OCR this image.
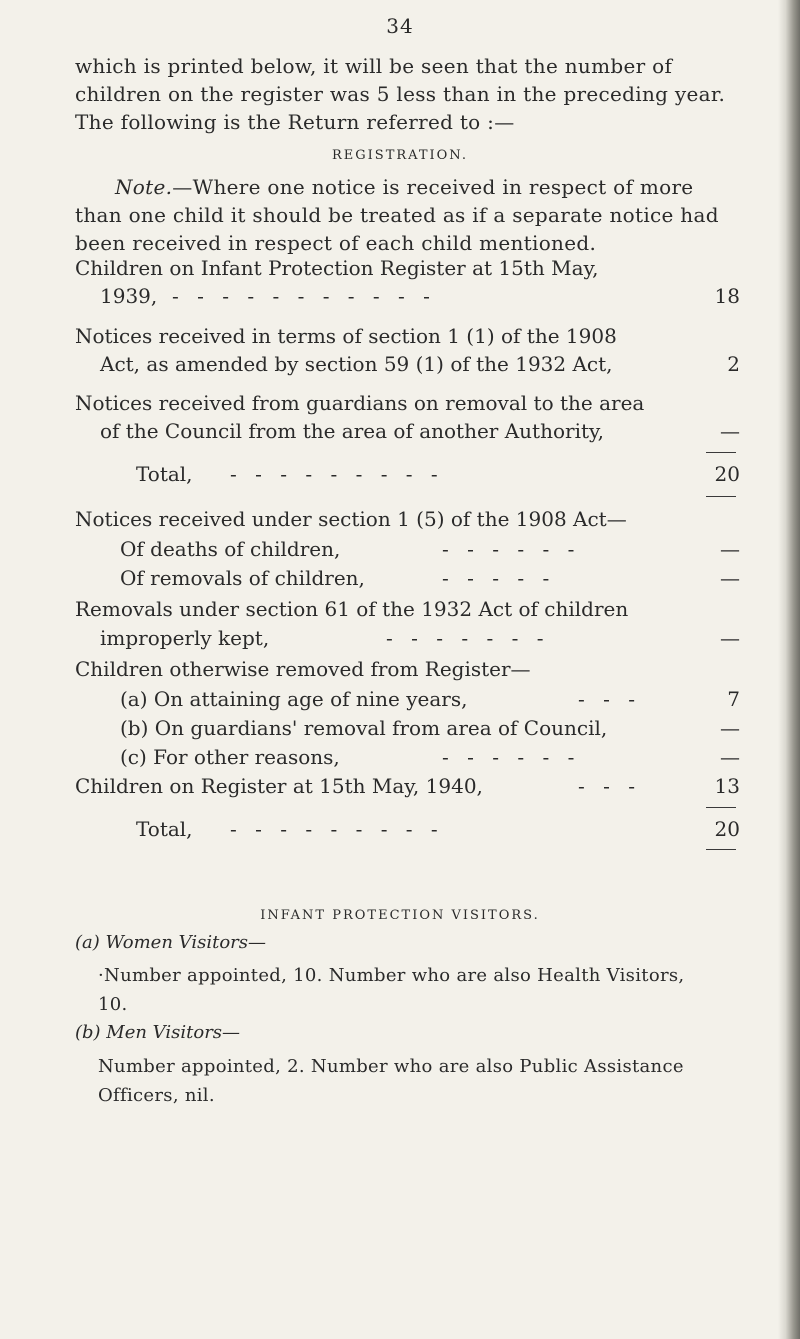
34
which is printed below, it will be seen that the number of children on the register was 5 less than in the preceding year. The following is the Return referred to :—
REGISTRATION.
Note.—Where one notice is received in respect of more than one child it should be treated as if a separate notice had been received in respect of each child mentioned.
Children on Infant Protection Register at 15th May,
1939, - - - - - - - - - - -	18
Notices received in terms of section 1 (1) of the 1908
Act, as amended by section 59 (1) of the 1932 Act,	2
Notices received from guardians on removal to the area
of the Council from the area of another Authority,	—
Total, - - - - - - - - -	20
Notices received under section 1 (5) of the 1908 Act—
Of deaths of children,	- - - - - -	—
Of removals of children,	- - - - -	—
Removals under section 61 of the 1932 Act of children
improperly kept,	- - - - - - -	—
Children otherwise removed from Register—
(a) On attaining age of nine years,	- - -	7
(b) On guardians' removal from area of Council,	—
(c) For other reasons,	- - - - - -	—
Children on Register at 15th May, 1940,	- - -	13
Total, - - - - - - - - -	20
INFANT PROTECTION VISITORS.
(a) Women Visitors—
·Number appointed, 10. Number who are also Health Visitors, 10.
(b) Men Visitors—
Number appointed, 2. Number who are also Public Assistance Officers, nil.
